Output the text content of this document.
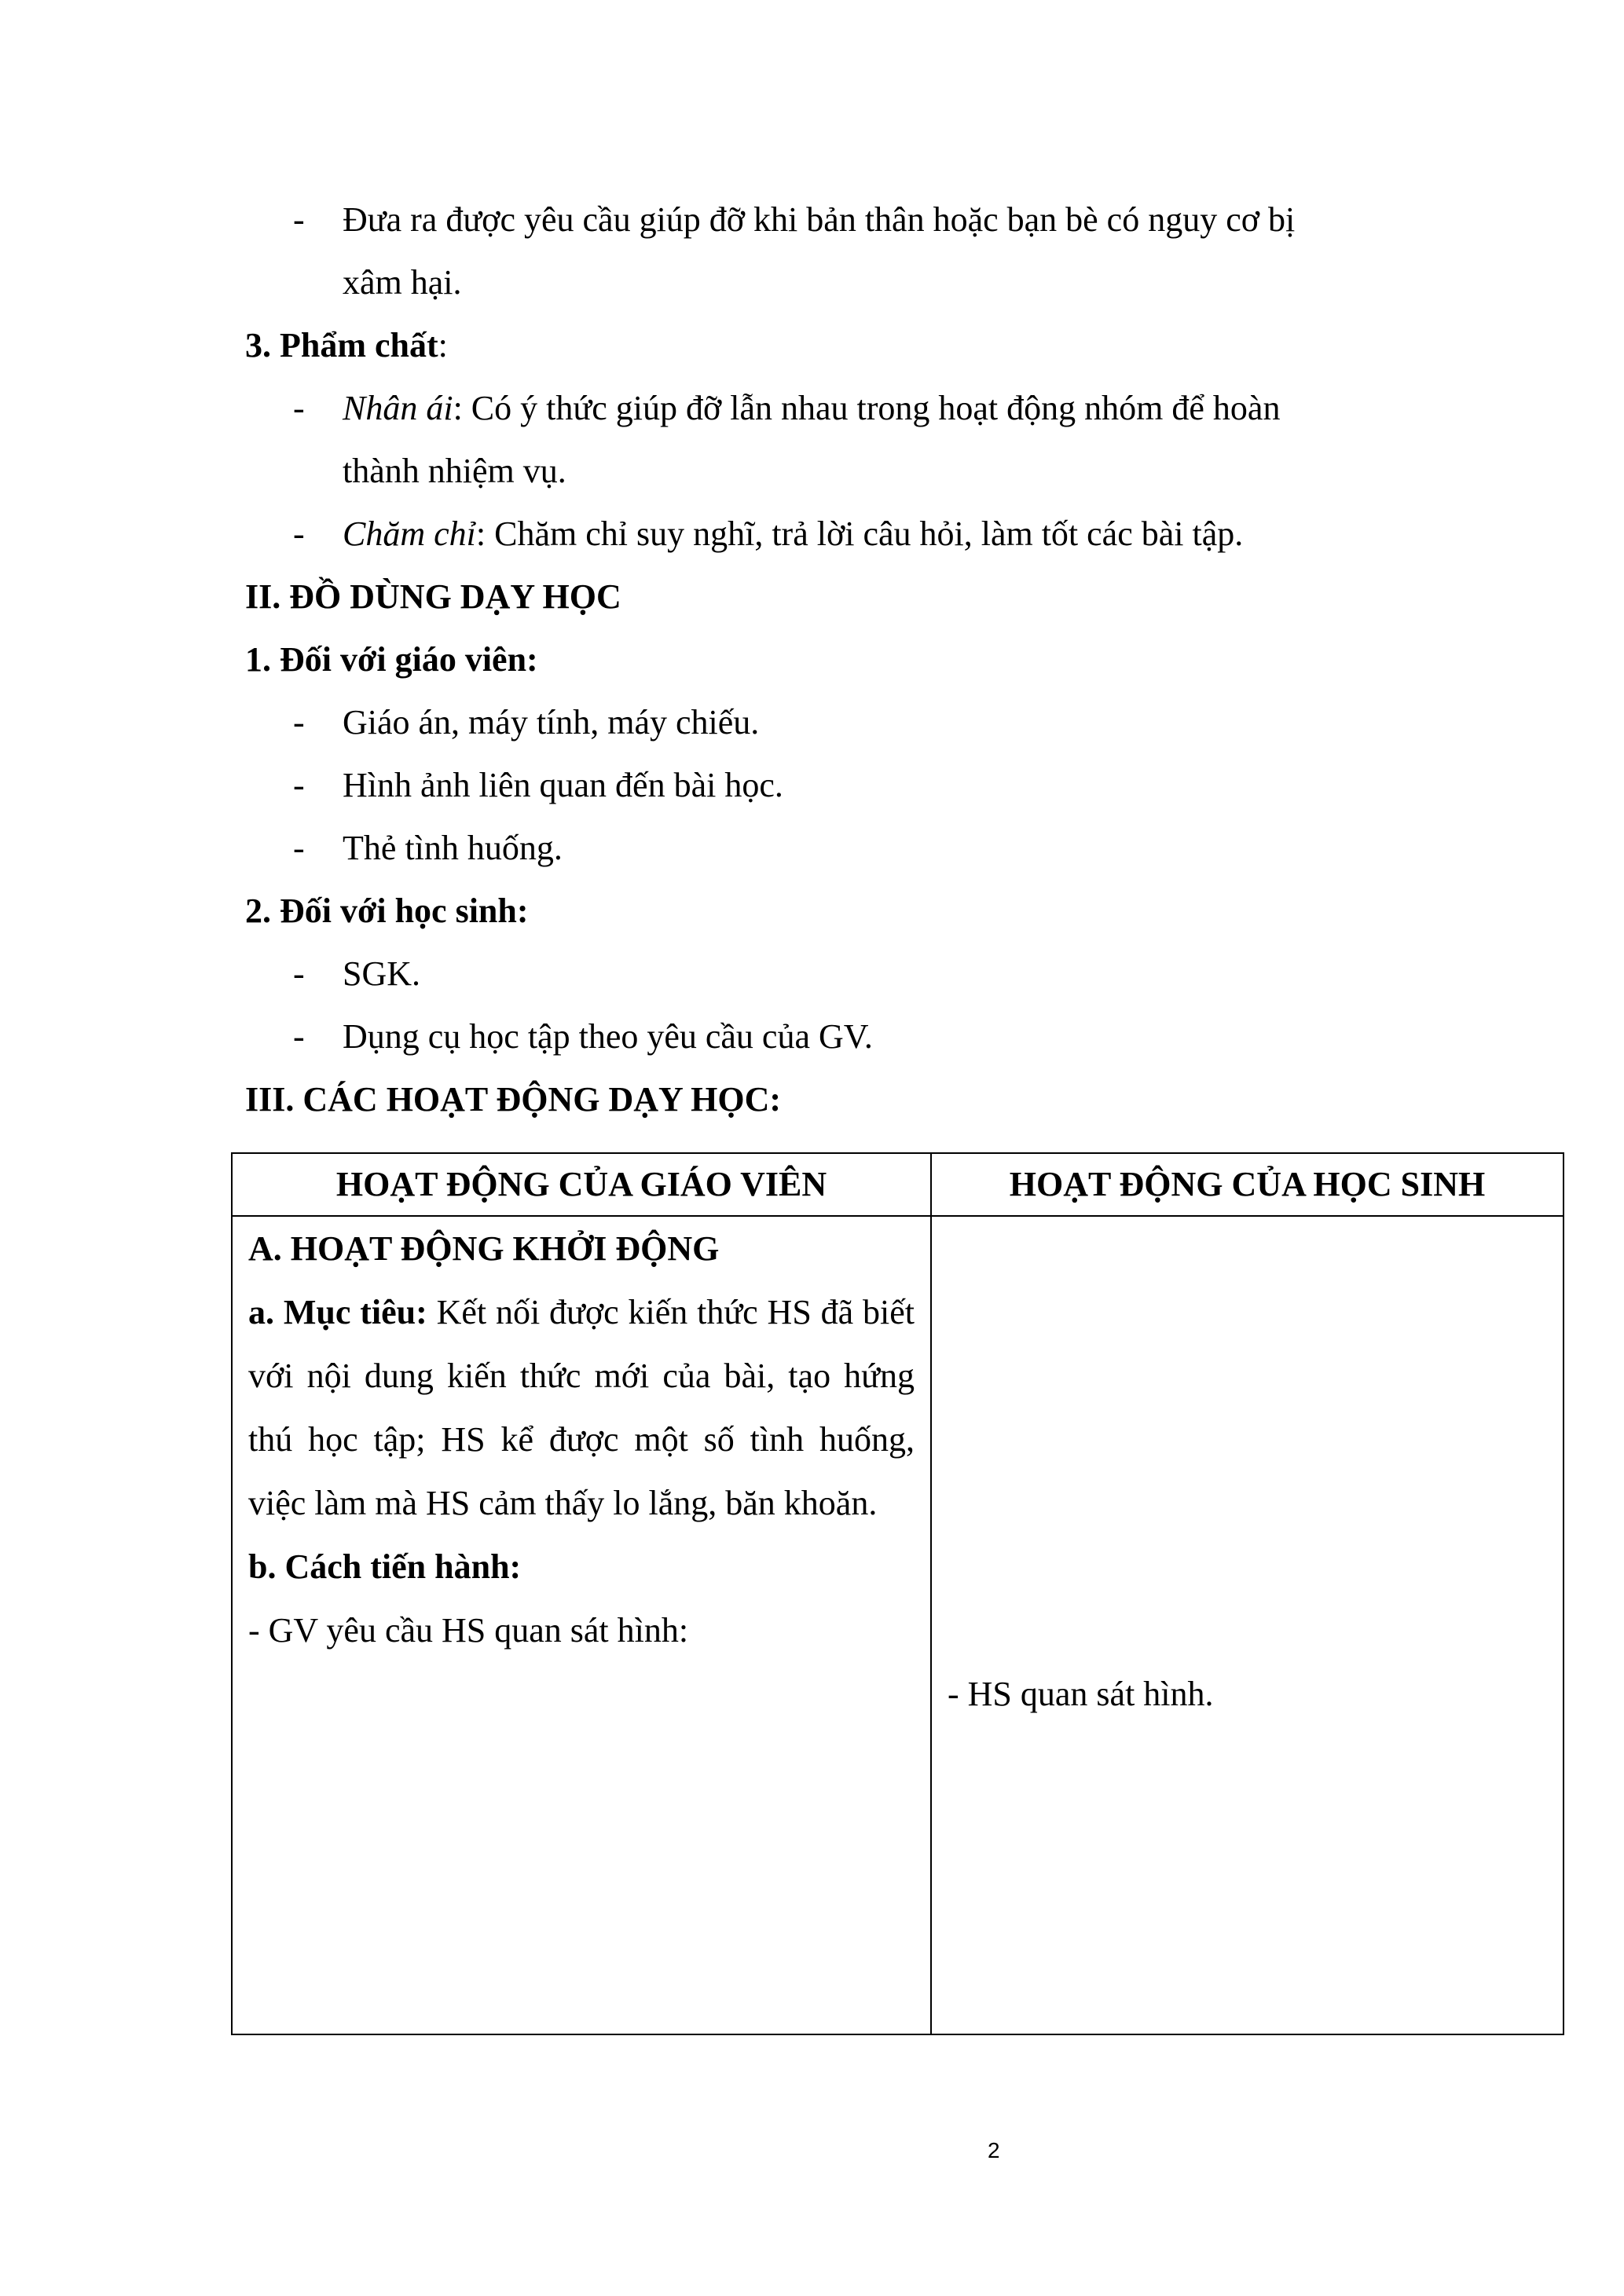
- Đưa ra được yêu cầu giúp đỡ khi bản thân hoặc bạn bè có nguy cơ bị
xâm hại.
3. Phẩm chất:
- Nhân ái: Có ý thức giúp đỡ lẫn nhau trong hoạt động nhóm để hoàn
thành nhiệm vụ.
- Chăm chỉ: Chăm chỉ suy nghĩ, trả lời câu hỏi, làm tốt các bài tập.
II. ĐỒ DÙNG DẠY HỌC
1. Đối với giáo viên:
- Giáo án, máy tính, máy chiếu.
- Hình ảnh liên quan đến bài học.
- Thẻ tình huống.
2. Đối với học sinh:
- SGK.
- Dụng cụ học tập theo yêu cầu của GV.
III. CÁC HOẠT ĐỘNG DẠY HỌC:
HOẠT ĐỘNG CỦA GIÁO VIÊN	HOẠT ĐỘNG CỦA HỌC SINH

A. HOẠT ĐỘNG KHỞI ĐỘNG
a. Mục tiêu: Kết nối được kiến thức HS đã biết với nội dung kiến thức mới của bài, tạo hứng thú học tập; HS kể được một số tình huống, việc làm mà HS cảm thấy lo lắng, băn khoăn.
b. Cách tiến hành:
- GV yêu cầu HS quan sát hình:	- HS quan sát hình.
2
